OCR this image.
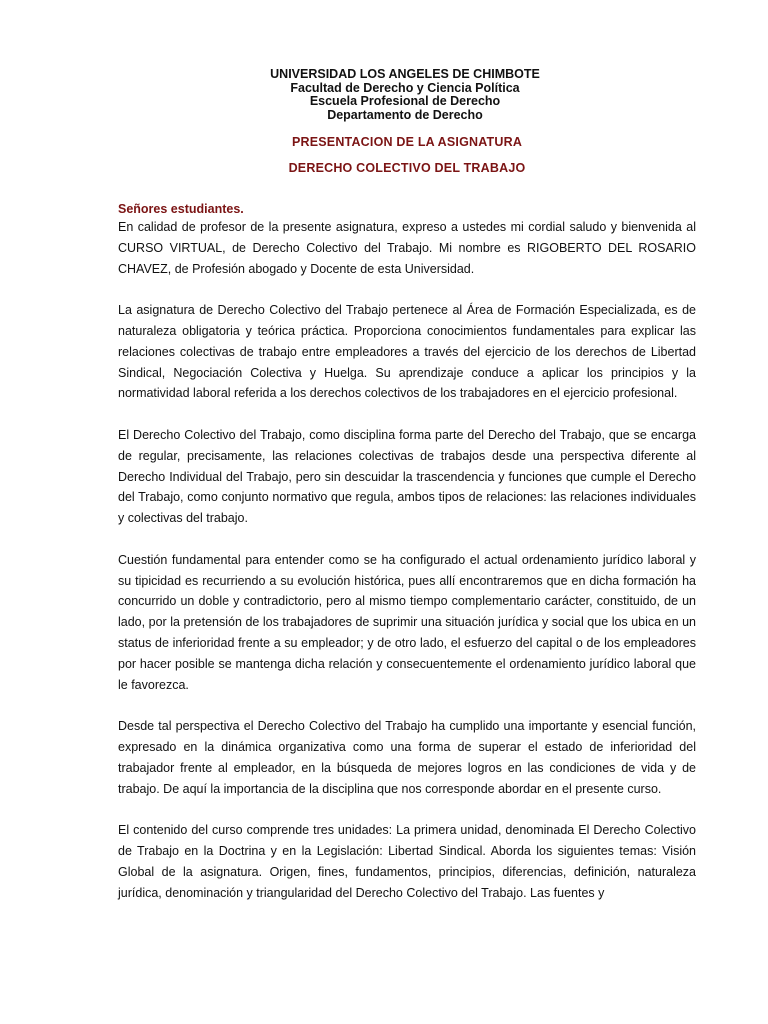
UNIVERSIDAD LOS ANGELES DE CHIMBOTE
Facultad de Derecho y Ciencia Política
Escuela Profesional de Derecho
Departamento de Derecho
PRESENTACION DE LA ASIGNATURA
DERECHO COLECTIVO DEL TRABAJO
Señores estudiantes.

En calidad de profesor de la presente asignatura, expreso a ustedes mi cordial saludo y bienvenida al CURSO VIRTUAL, de Derecho Colectivo del Trabajo. Mi nombre es RIGOBERTO DEL ROSARIO CHAVEZ, de Profesión abogado y Docente de esta Universidad.

La asignatura de Derecho Colectivo del Trabajo pertenece al Área de Formación Especializada, es de naturaleza obligatoria y teórica práctica. Proporciona conocimientos fundamentales para explicar las relaciones colectivas de trabajo entre empleadores a través del ejercicio de los derechos de Libertad Sindical, Negociación Colectiva y Huelga. Su aprendizaje conduce a aplicar los principios y la normatividad laboral referida a los derechos colectivos de los trabajadores en el ejercicio profesional.

El Derecho Colectivo del Trabajo, como disciplina forma parte del Derecho del Trabajo, que se encarga de regular, precisamente, las relaciones colectivas de trabajos desde una perspectiva diferente al Derecho Individual del Trabajo, pero sin descuidar la trascendencia y funciones que cumple el Derecho del Trabajo, como conjunto normativo que regula, ambos tipos de relaciones: las relaciones individuales y colectivas del trabajo.

Cuestión fundamental para entender como se ha configurado el actual ordenamiento jurídico laboral y su tipicidad es recurriendo a su evolución histórica, pues allí encontraremos que en dicha formación ha concurrido un doble y contradictorio, pero al mismo tiempo complementario carácter, constituido, de un lado, por la pretensión de los trabajadores de suprimir una situación jurídica y social que los ubica en un status de inferioridad frente a su empleador; y de otro lado, el esfuerzo del capital o de los empleadores por hacer posible se mantenga dicha relación y consecuentemente el ordenamiento jurídico laboral que le favorezca.

Desde tal perspectiva el Derecho Colectivo del Trabajo ha cumplido una importante y esencial función, expresado en la dinámica organizativa como una forma de superar el estado de inferioridad del trabajador frente al empleador, en la búsqueda de mejores logros en las condiciones de vida y de trabajo. De aquí la importancia de la disciplina que nos corresponde abordar en el presente curso.

El contenido del curso comprende tres unidades: La primera unidad, denominada El Derecho Colectivo de Trabajo en la Doctrina y en la Legislación: Libertad Sindical. Aborda los siguientes temas: Visión Global de la asignatura. Origen, fines, fundamentos, principios, diferencias, definición, naturaleza jurídica, denominación y triangularidad del Derecho Colectivo del Trabajo. Las fuentes y
